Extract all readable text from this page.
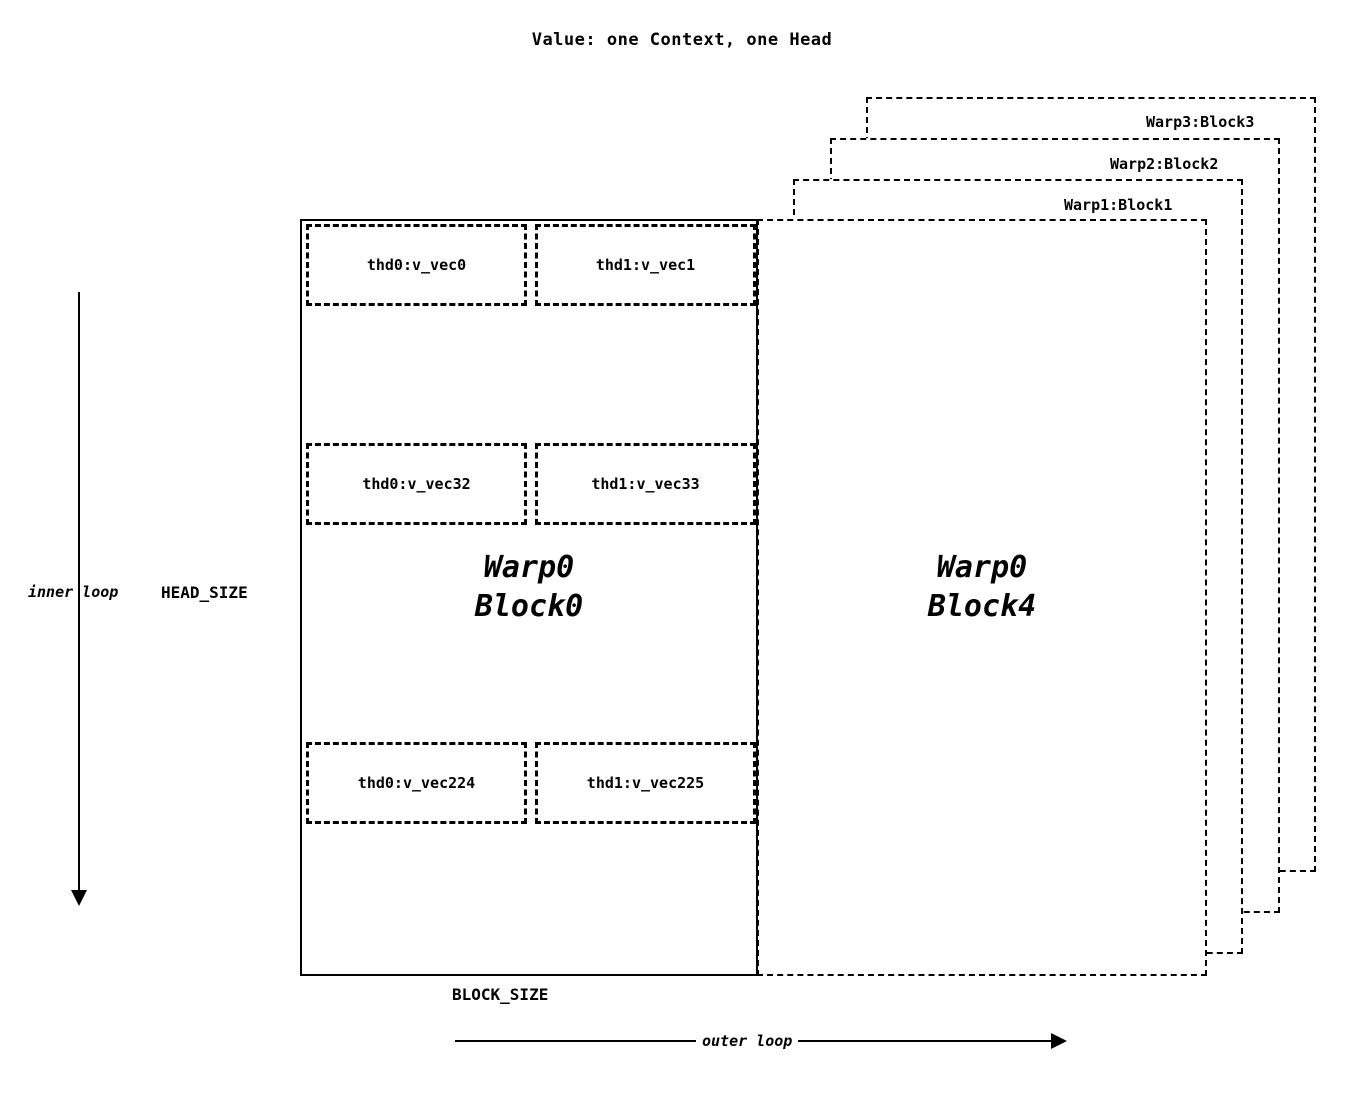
Value: one Context, one Head
Warp3:Block3
Warp2:Block2
Warp1:Block1
Warp0
Block4
thd0:v_vec0	thd1:v_vec1
thd0:v_vec32	thd1:v_vec33
Warp0
Block0
thd0:v_vec224	thd1:v_vec225
inner loop	HEAD_SIZE
BLOCK_SIZE
outer loop
